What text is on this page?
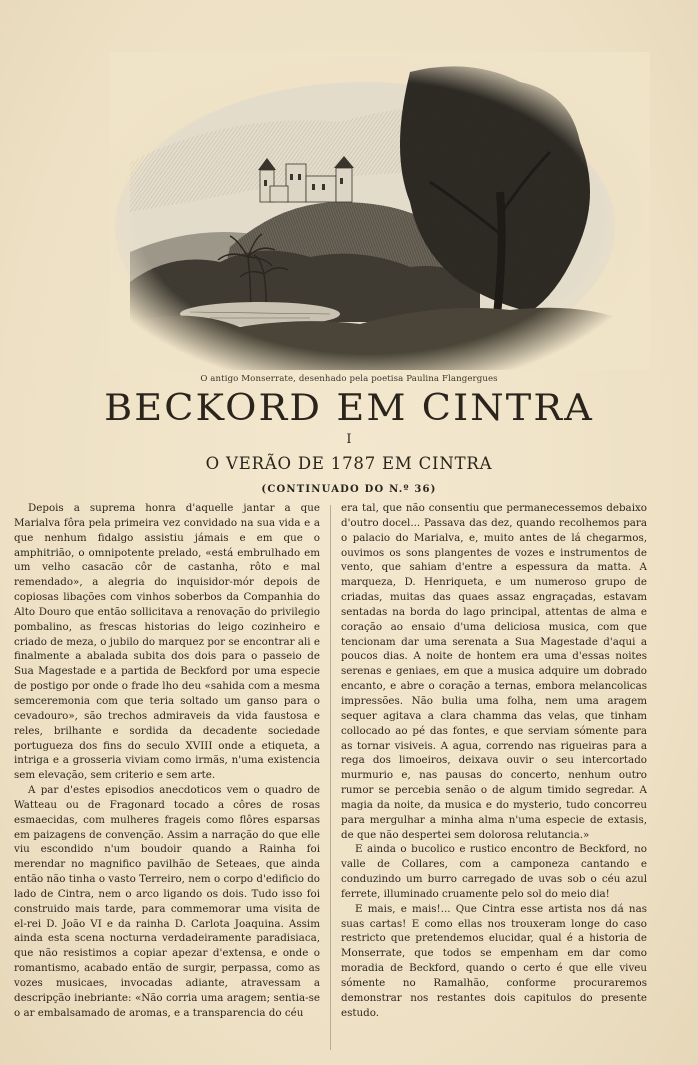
O antigo Monserrate, desenhado pela poetisa Paulina Flangergues
BECKORD EM CINTRA
I
O VERÃO DE 1787 EM CINTRA
(CONTINUADO DO N.º 36)

Depois a suprema honra d'aquelle jantar a que Marialva fôra pela primeira vez convidado na sua vida e a que nenhum fidalgo assistiu jámais e em que o amphitrião, o omnipotente prelado, «está embrulhado em um velho casacão côr de castanha, rôto e mal remendado», a alegria do inquisidor-mór depois de copiosas libações com vinhos soberbos da Companhia do Alto Douro que então sollicitava a renovação do privilegio pombalino, as frescas historias do leigo cozinheiro e criado de meza, o jubilo do marquez por se encontrar ali e finalmente a abalada subita dos dois para o passeio de Sua Magestade e a partida de Beckford por uma especie de postigo por onde o frade lho deu «sahida com a mesma semceremonia com que teria soltado um ganso para o cevadouro», são trechos admiraveis da vida faustosa e reles, brilhante e sordida da decadente sociedade portugueza dos fins do seculo XVIII onde a etiqueta, a intriga e a grosseria viviam como irmãs, n'uma existencia sem elevação, sem criterio e sem arte.

A par d'estes episodios anecdoticos vem o quadro de Watteau ou de Fragonard tocado a côres de rosas esmaecidas, com mulheres frageis como flôres esparsas em paizagens de convenção. Assim a narração do que elle viu escondido n'um boudoir quando a Rainha foi merendar no magnifico pavilhão de Seteaes, que ainda então não tinha o vasto Terreiro, nem o corpo d'edificio do lado de Cintra, nem o arco ligando os dois. Tudo isso foi construido mais tarde, para commemorar uma visita de el-rei D. João VI e da rainha D. Carlota Joaquina. Assim ainda esta scena nocturna verdadeiramente paradisiaca, que não resistimos a copiar apezar d'extensa, e onde o romantismo, acabado então de surgir, perpassa, como as vozes musicaes, invocadas adiante, atravessam a descripção inebriante: «Não corria uma aragem; sentia-se o ar embalsamado de aromas, e a transparencia do céu

era tal, que não consentiu que permanecessemos debaixo d'outro docel... Passava das dez, quando recolhemos para o palacio do Marialva, e, muito antes de lá chegarmos, ouvimos os sons plangentes de vozes e instrumentos de vento, que sahiam d'entre a espessura da matta. A marqueza, D. Henriqueta, e um numeroso grupo de criadas, muitas das quaes assaz engraçadas, estavam sentadas na borda do lago principal, attentas de alma e coração ao ensaio d'uma deliciosa musica, com que tencionam dar uma serenata a Sua Magestade d'aqui a poucos dias. A noite de hontem era uma d'essas noites serenas e geniaes, em que a musica adquire um dobrado encanto, e abre o coração a ternas, embora melancolicas impressões. Não bulia uma folha, nem uma aragem sequer agitava a clara chamma das velas, que tinham collocado ao pé das fontes, e que serviam sómente para as tornar visiveis. A agua, correndo nas rigueiras para a rega dos limoeiros, deixava ouvir o seu intercortado murmurio e, nas pausas do concerto, nenhum outro rumor se percebia senão o de algum timido segredar. A magia da noite, da musica e do mysterio, tudo concorreu para mergulhar a minha alma n'uma especie de extasis, de que não despertei sem dolorosa relutancia.»

E ainda o bucolico e rustico encontro de Beckford, no valle de Collares, com a camponeza cantando e conduzindo um burro carregado de uvas sob o céu azul ferrete, illuminado cruamente pelo sol do meio dia!

E mais, e mais!... Que Cintra esse artista nos dá nas suas cartas! E como ellas nos trouxeram longe do caso restricto que pretendemos elucidar, qual é a historia de Monserrate, que todos se empenham em dar como moradia de Beckford, quando o certo é que elle viveu sómente no Ramalhão, conforme procuraremos demonstrar nos restantes dois capitulos do presente estudo.
